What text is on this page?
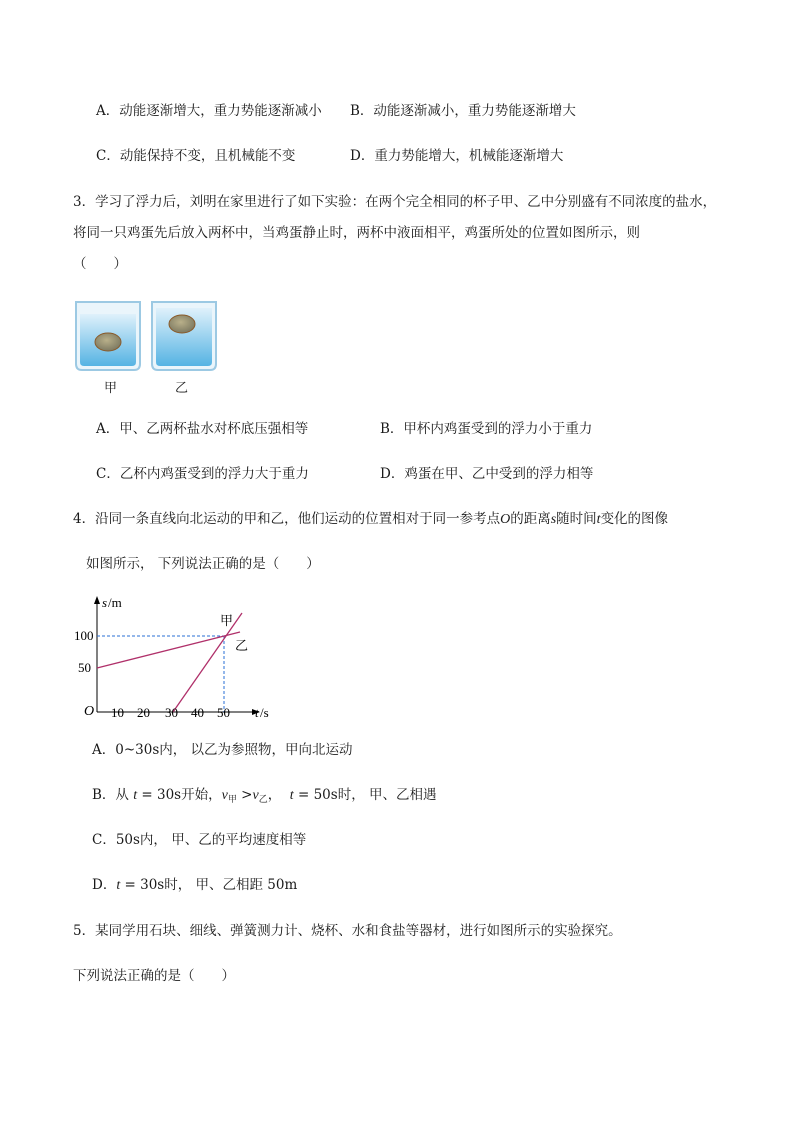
A．动能逐渐增大，重力势能逐渐减小 B．动能逐渐减小，重力势能逐渐增大
C．动能保持不变，且机械能不变	D．重力势能增大，机械能逐渐增大
3．学习了浮力后，刘明在家里进行了如下实验：在两个完全相同的杯子甲、乙中分别盛有不同浓度的盐水，
将同一只鸡蛋先后放入两杯中，当鸡蛋静止时，两杯中液面相平，鸡蛋所处的位置如图所示，则
（　　）
甲	乙
A．甲、乙两杯盐水对杯底压强相等	B．甲杯内鸡蛋受到的浮力小于重力
C．乙杯内鸡蛋受到的浮力大于重力	D．鸡蛋在甲、乙中受到的浮力相等
4．沿同一条直线向北运动的甲和乙，他们运动的位置相对于同一参考点O的距离s随时间t变化的图像
如图所示， 下列说法正确的是（　　）
s /m
100
50
O 10 20 30 40 50 t /s
甲
乙
A．0~30s内， 以乙为参照物，甲向北运动
B．从 t = 30s开始，$v_甲 >v_乙$， t = 50s时， 甲、乙相遇
C．50s内， 甲、乙的平均速度相等
D．t = 30s时， 甲、乙相距 50m
5．某同学用石块、细线、弹簧测力计、烧杯、水和食盐等器材，进行如图所示的实验探究。
下列说法正确的是（　　）
